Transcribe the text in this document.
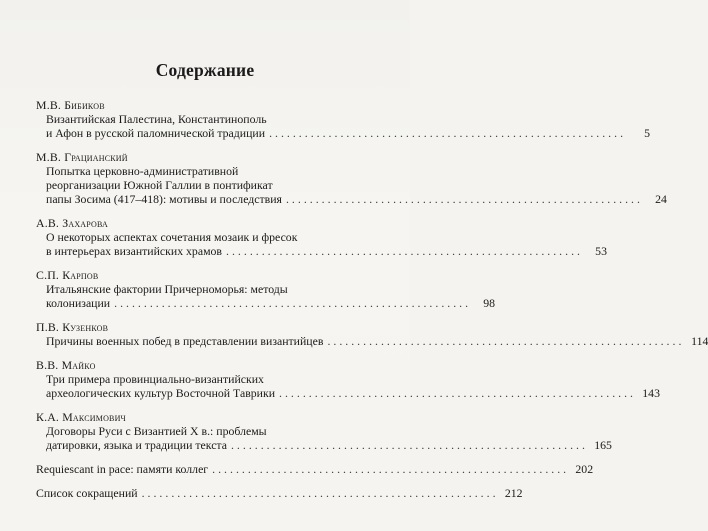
Содержание
М.В. Бибиков
Византийская Палестина, Константинополь
и Афон в русской паломнической традиции ............................................................	5
М.В. Грацианский
Попытка церковно-административной
реорганизации Южной Галлии в понтификат
папы Зосима (417–418): мотивы и последствия ............................................................	24
А.В. Захарова
О некоторых аспектах сочетания мозаик и фресок
в интерьерах византийских храмов ............................................................	53
С.П. Карпов
Итальянские фактории Причерноморья: методы
колонизации ............................................................	98
П.В. Кузенков
Причины военных побед в представлении византийцев ............................................................ 114
В.В. Майко
Три примера провинциально-византийских
археологических культур Восточной Таврики ............................................................ 143
К.А. Максимович
Договоры Руси с Византией X в.: проблемы
датировки, языка и традиции текста ............................................................ 165
Requiescant in pace: памяти коллег ............................................................ 202
Список сокращений ............................................................ 212
